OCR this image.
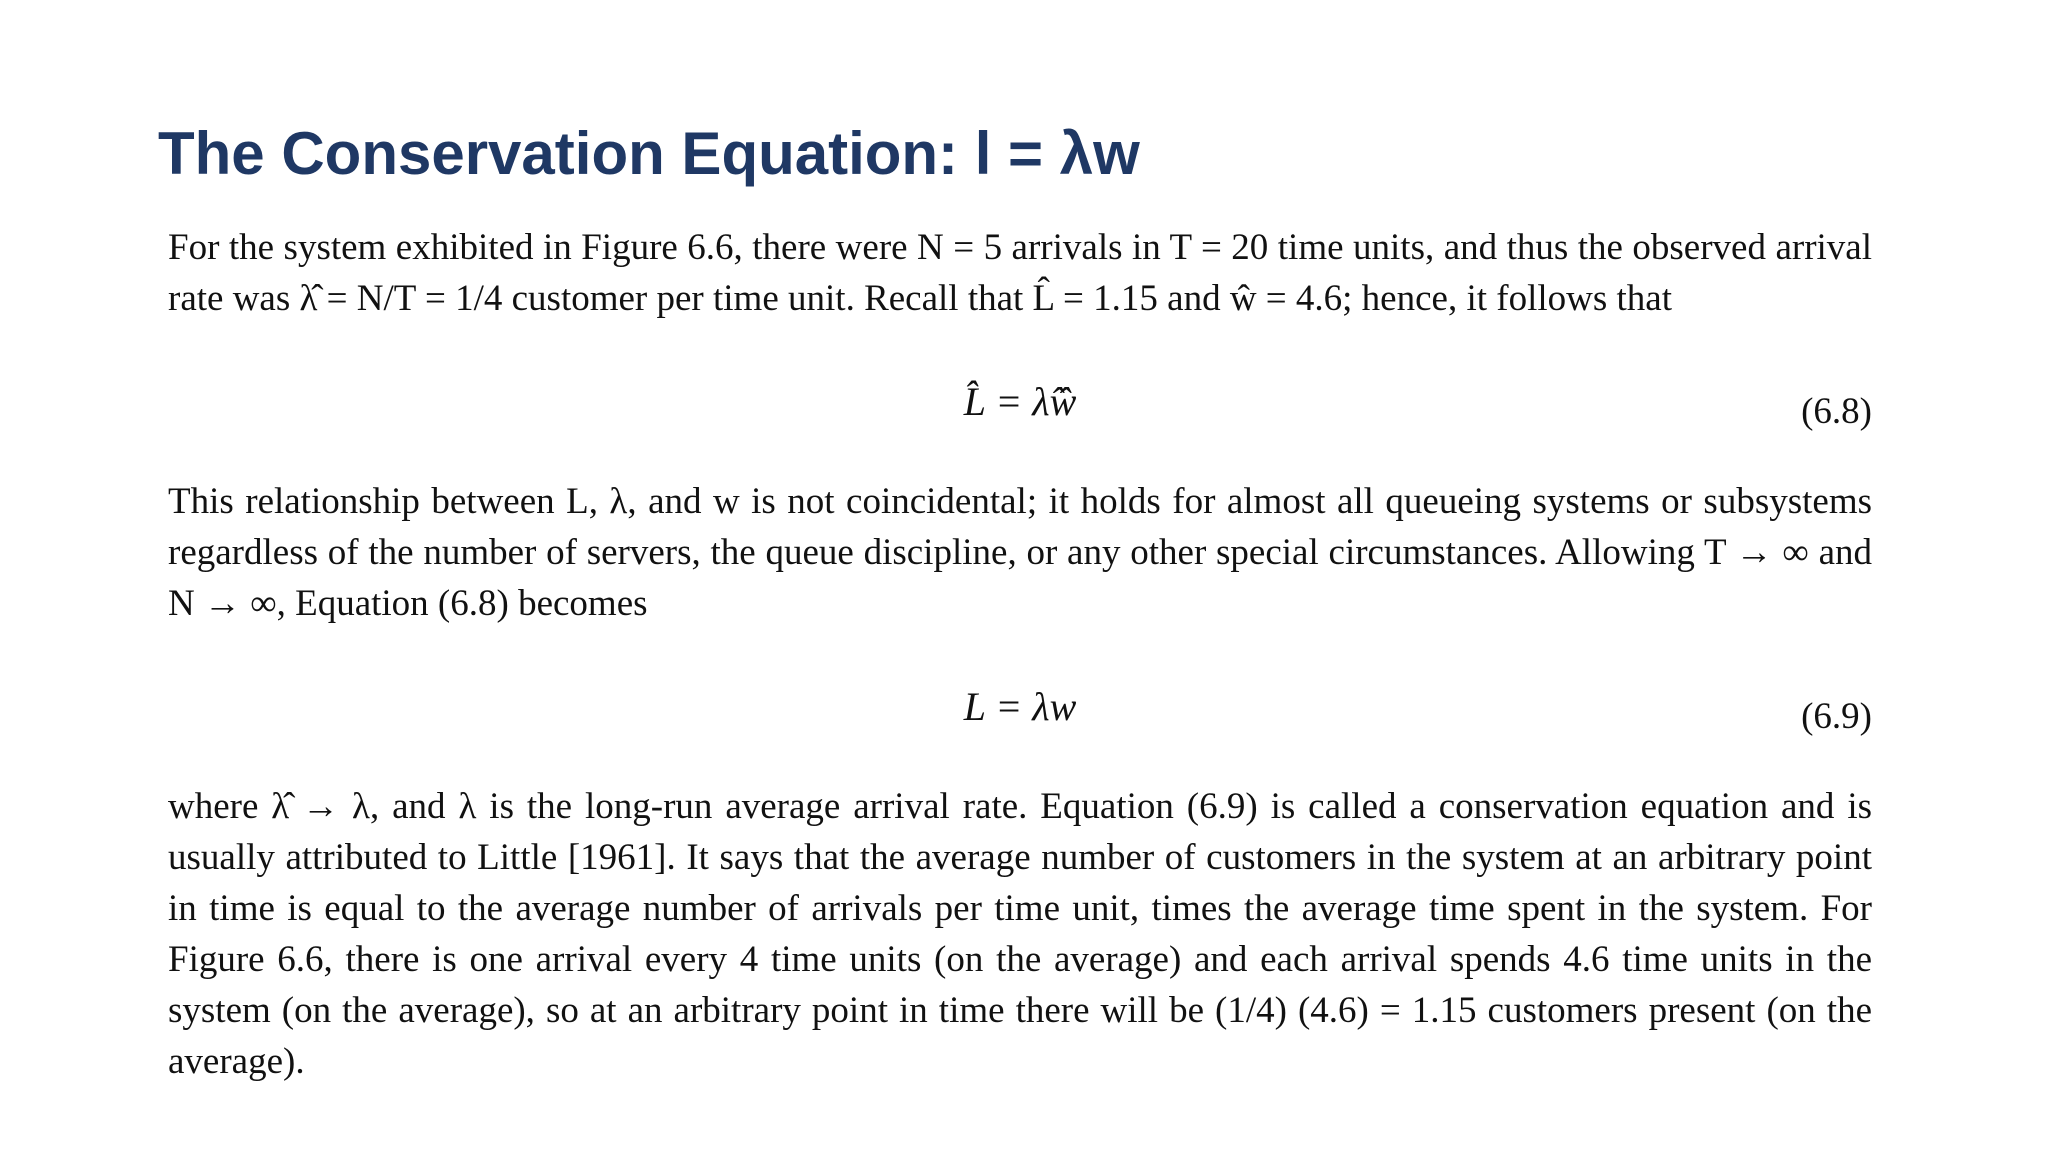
The Conservation Equation: l = λw

For the system exhibited in Figure 6.6, there were N = 5 arrivals in T = 20 time units, and thus the observed arrival rate was λ̂ = N/T = 1/4 customer per time unit. Recall that L̂ = 1.15 and ŵ = 4.6; hence, it follows that

L̂ = λ̂ŵ	(6.8)

This relationship between L, λ, and w is not coincidental; it holds for almost all queueing systems or subsystems regardless of the number of servers, the queue discipline, or any other special circumstances. Allowing T → ∞ and N → ∞, Equation (6.8) becomes

L = λw	(6.9)

where λ̂ → λ, and λ is the long-run average arrival rate. Equation (6.9) is called a conservation equation and is usually attributed to Little [1961]. It says that the average number of customers in the system at an arbitrary point in time is equal to the average number of arrivals per time unit, times the average time spent in the system. For Figure 6.6, there is one arrival every 4 time units (on the average) and each arrival spends 4.6 time units in the system (on the average), so at an arbitrary point in time there will be (1/4) (4.6) = 1.15 customers present (on the average).
